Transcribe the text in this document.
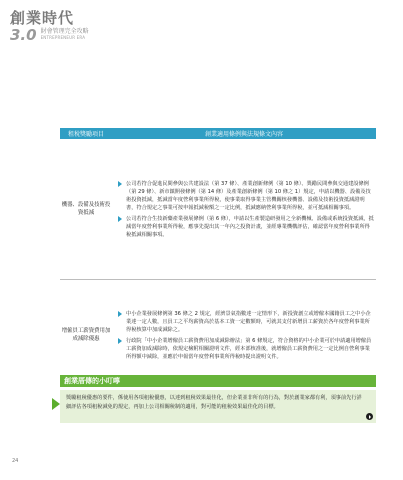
創業時代
3.0 財會管理完全攻略
ENTREPRENEUR ERA
租稅獎勵項目	創業適用條例與法規條文內容
機器、設備及技術投資抵減	公司若符合促進民間參與公共建設法（第 37 條）、產業創新條例（第 10 條）、獎勵民間參與交通建設條例（第 29 條）、新市鎮開發條例（第 14 條）及產業創新條例（第 10 條之 1）規定，申請以機器、設備及技術投資抵減，抵減當年度營利事業所得稅，使事業取得事業主管機關核發機器、設備及技術投資抵減證明書，符合規定之事業可按申報抵減稅額之一定比例，抵減應納營利事業所得稅，並可抵減相關事項。
公司若符合生技新藥產業發展條例（第 6 條），申請以生產製造研發用之全新機械、設備或系統投資抵減，抵減當年度營利事業所得稅，應事先提出其一年內之投資計畫，並經專業機構評估，確認當年度營利事業所得稅抵減相關事項。

增僱員工薪資費用加成減除優惠	中小企業發展條例第 36 條之 2 規定，經濟景氣指數達一定情形下，新投資創立或增僱本國籍員工之中小企業達一定人數，且員工之平均薪資高於基本工資一定數額時，可就其支付新增員工薪資於各年度營利事業所得稅核算中加成減除之。
行政院「中小企業增僱員工薪資費用加成減除辦法」第 6 條規定，符合資格的中小企業可於申請適用增僱員工薪資加成減除時，依規定檢附相關證明文件，經本部核准後，就增僱員工薪資費用之一定比例自營利事業所得額中減除，並應於申報當年度營利事業所得稅時提出證明文件。
創業厝傳的小叮嚀
獎勵租稅優惠的要件，係使用各項租稅優惠，以達到租稅效果最佳化，但企業並非所有的行為，對於創業家都有利，須事前先行詳細評估各項租稅減免的規定，再加上公司相關稅制的適用，對可能的租稅效果最佳化的目標。
24
